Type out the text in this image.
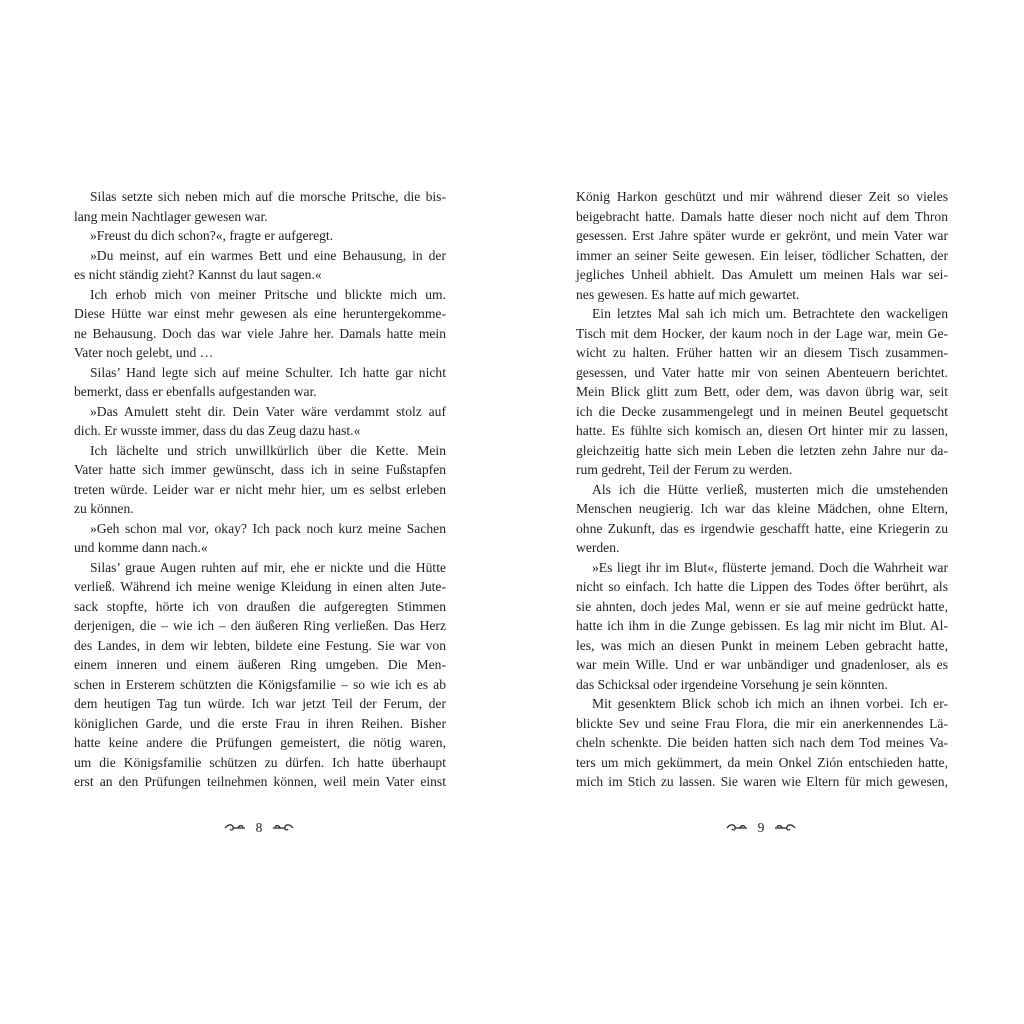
Silas setzte sich neben mich auf die morsche Pritsche, die bis-
lang mein Nachtlager gewesen war.
»Freust du dich schon?«, fragte er aufgeregt.
»Du meinst, auf ein warmes Bett und eine Behausung, in der
es nicht ständig zieht? Kannst du laut sagen.«
Ich erhob mich von meiner Pritsche und blickte mich um.
Diese Hütte war einst mehr gewesen als eine heruntergekomme-
ne Behausung. Doch das war viele Jahre her. Damals hatte mein
Vater noch gelebt, und …
Silas’ Hand legte sich auf meine Schulter. Ich hatte gar nicht
bemerkt, dass er ebenfalls aufgestanden war.
»Das Amulett steht dir. Dein Vater wäre verdammt stolz auf
dich. Er wusste immer, dass du das Zeug dazu hast.«
Ich lächelte und strich unwillkürlich über die Kette. Mein
Vater hatte sich immer gewünscht, dass ich in seine Fußstapfen
treten würde. Leider war er nicht mehr hier, um es selbst erleben
zu können.
»Geh schon mal vor, okay? Ich pack noch kurz meine Sachen
und komme dann nach.«
Silas’ graue Augen ruhten auf mir, ehe er nickte und die Hütte
verließ. Während ich meine wenige Kleidung in einen alten Jute-
sack stopfte, hörte ich von draußen die aufgeregten Stimmen
derjenigen, die – wie ich – den äußeren Ring verließen. Das Herz
des Landes, in dem wir lebten, bildete eine Festung. Sie war von
einem inneren und einem äußeren Ring umgeben. Die Men-
schen in Ersterem schützten die Königsfamilie – so wie ich es ab
dem heutigen Tag tun würde. Ich war jetzt Teil der Ferum, der
königlichen Garde, und die erste Frau in ihren Reihen. Bisher
hatte keine andere die Prüfungen gemeistert, die nötig waren,
um die Königsfamilie schützen zu dürfen. Ich hatte überhaupt
erst an den Prüfungen teilnehmen können, weil mein Vater einst
König Harkon geschützt und mir während dieser Zeit so vieles
beigebracht hatte. Damals hatte dieser noch nicht auf dem Thron
gesessen. Erst Jahre später wurde er gekrönt, und mein Vater war
immer an seiner Seite gewesen. Ein leiser, tödlicher Schatten, der
jegliches Unheil abhielt. Das Amulett um meinen Hals war sei-
nes gewesen. Es hatte auf mich gewartet.
Ein letztes Mal sah ich mich um. Betrachtete den wackeligen
Tisch mit dem Hocker, der kaum noch in der Lage war, mein Ge-
wicht zu halten. Früher hatten wir an diesem Tisch zusammen-
gesessen, und Vater hatte mir von seinen Abenteuern berichtet.
Mein Blick glitt zum Bett, oder dem, was davon übrig war, seit
ich die Decke zusammengelegt und in meinen Beutel gequetscht
hatte. Es fühlte sich komisch an, diesen Ort hinter mir zu lassen,
gleichzeitig hatte sich mein Leben die letzten zehn Jahre nur da-
rum gedreht, Teil der Ferum zu werden.
Als ich die Hütte verließ, musterten mich die umstehenden
Menschen neugierig. Ich war das kleine Mädchen, ohne Eltern,
ohne Zukunft, das es irgendwie geschafft hatte, eine Kriegerin zu
werden.
»Es liegt ihr im Blut«, flüsterte jemand. Doch die Wahrheit war
nicht so einfach. Ich hatte die Lippen des Todes öfter berührt, als
sie ahnten, doch jedes Mal, wenn er sie auf meine gedrückt hatte,
hatte ich ihm in die Zunge gebissen. Es lag mir nicht im Blut. Al-
les, was mich an diesen Punkt in meinem Leben gebracht hatte,
war mein Wille. Und er war unbändiger und gnadenloser, als es
das Schicksal oder irgendeine Vorsehung je sein könnten.
Mit gesenktem Blick schob ich mich an ihnen vorbei. Ich er-
blickte Sev und seine Frau Flora, die mir ein anerkennendes Lä-
cheln schenkte. Die beiden hatten sich nach dem Tod meines Va-
ters um mich gekümmert, da mein Onkel Zión entschieden hatte,
mich im Stich zu lassen. Sie waren wie Eltern für mich gewesen,
8	9
